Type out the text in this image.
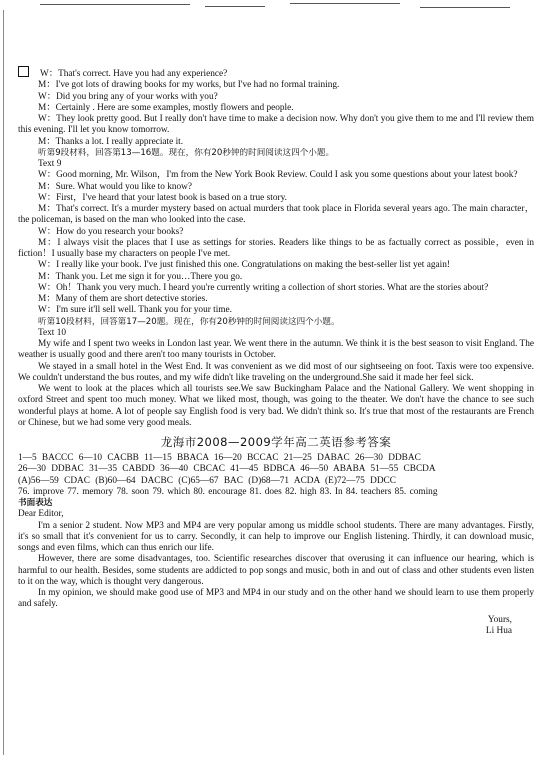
W：That's correct. Have you had any experience?
M：I've got lots of drawing books for my works, but I've had no formal training.
W：Did you bring any of your works with you?
M：Certainly . Here are some examples, mostly flowers and people.
W：They look pretty good. But I really don't have time to make a decision now. Why don't you give them to me and I'll review them this evening. I'll let you know tomorrow.
M：Thanks a lot. I really appreciate it.
听第9段材料，回答第13—16题。现在，你有20秒钟的时间阅读这四个小题。
Text 9
W：Good morning, Mr. Wilson，I'm from the New York Book Review. Could I ask you some questions about your latest book?
M：Sure. What would you like to know?
W：First，I've heard that your latest book is based on a true story.
M：That's correct. It's a murder mystery based on actual murders that took place in Florida several years ago. The main character，the policeman, is based on the man who looked into the case.
W：How do you research your books?
M：I always visit the places that I use as settings for stories. Readers like things to be as factually correct as possible，even in fiction！I usually base my characters on people I've met.
W：I really like your book. I've just finished this one. Congratulations on making the best-seller list yet again!
M：Thank you. Let me sign it for you…There you go.
W：Oh！Thank you very much. I heard you're currently writing a collection of short stories. What are the stories about?
M：Many of them are short detective stories.
W：I'm sure it'll sell well. Thank you for your time.
听第10段材料，回答第17—20题。现在，你有20秒钟的时间阅读这四个小题。
Text 10
My wife and I spent two weeks in London last year. We went there in the autumn. We think it is the best season to visit England. The weather is usually good and there aren't too many tourists in October.
We stayed in a small hotel in the West End. It was convenient as we did most of our sightseeing on foot. Taxis were too expensive. We couldn't understand the bus routes, and my wife didn't like traveling on the underground.She said it made her feel sick.
We went to look at the places which all tourists see.We saw Buckingham Palace and the National Gallery. We went shopping in oxford Street and spent too much money. What we liked most, though, was going to the theater. We don't have the chance to see such wonderful plays at home. A lot of people say English food is very bad. We didn't think so. It's true that most of the restaurants are French or Chinese, but we had some very good meals.
龙海市2008—2009学年高二英语参考答案
1—5 BACCC 6—10 CACBB 11—15 BBACA 16—20 BCCAC 21—25 DABAC 26—30 DDBAC
26—30 DDBAC 31—35 CABDD 36—40 CBCAC 41—45 BDBCA 46—50 ABABA 51—55 CBCDA
(A)56—59 CDAC (B)60—64 DACBC (C)65—67 BAC (D)68—71 ACDA (E)72—75 DDCC
76. improve 77. memory 78. soon 79. which 80. encourage 81. does 82. high 83. In 84. teachers 85. coming
书面表达
Dear Editor,
I'm a senior 2 student. Now MP3 and MP4 are very popular among us middle school students. There are many advantages. Firstly, it's so small that it's convenient for us to carry. Secondly, it can help to improve our English listening. Thirdly, it can download music, songs and even films, which can thus enrich our life.
However, there are some disadvantages, too. Scientific researches discover that overusing it can influence our hearing, which is harmful to our health. Besides, some students are addicted to pop songs and music, both in and out of class and other students even listen to it on the way, which is thought very dangerous.
In my opinion, we should make good use of MP3 and MP4 in our study and on the other hand we should learn to use them properly and safely.
Yours,
Li Hua
